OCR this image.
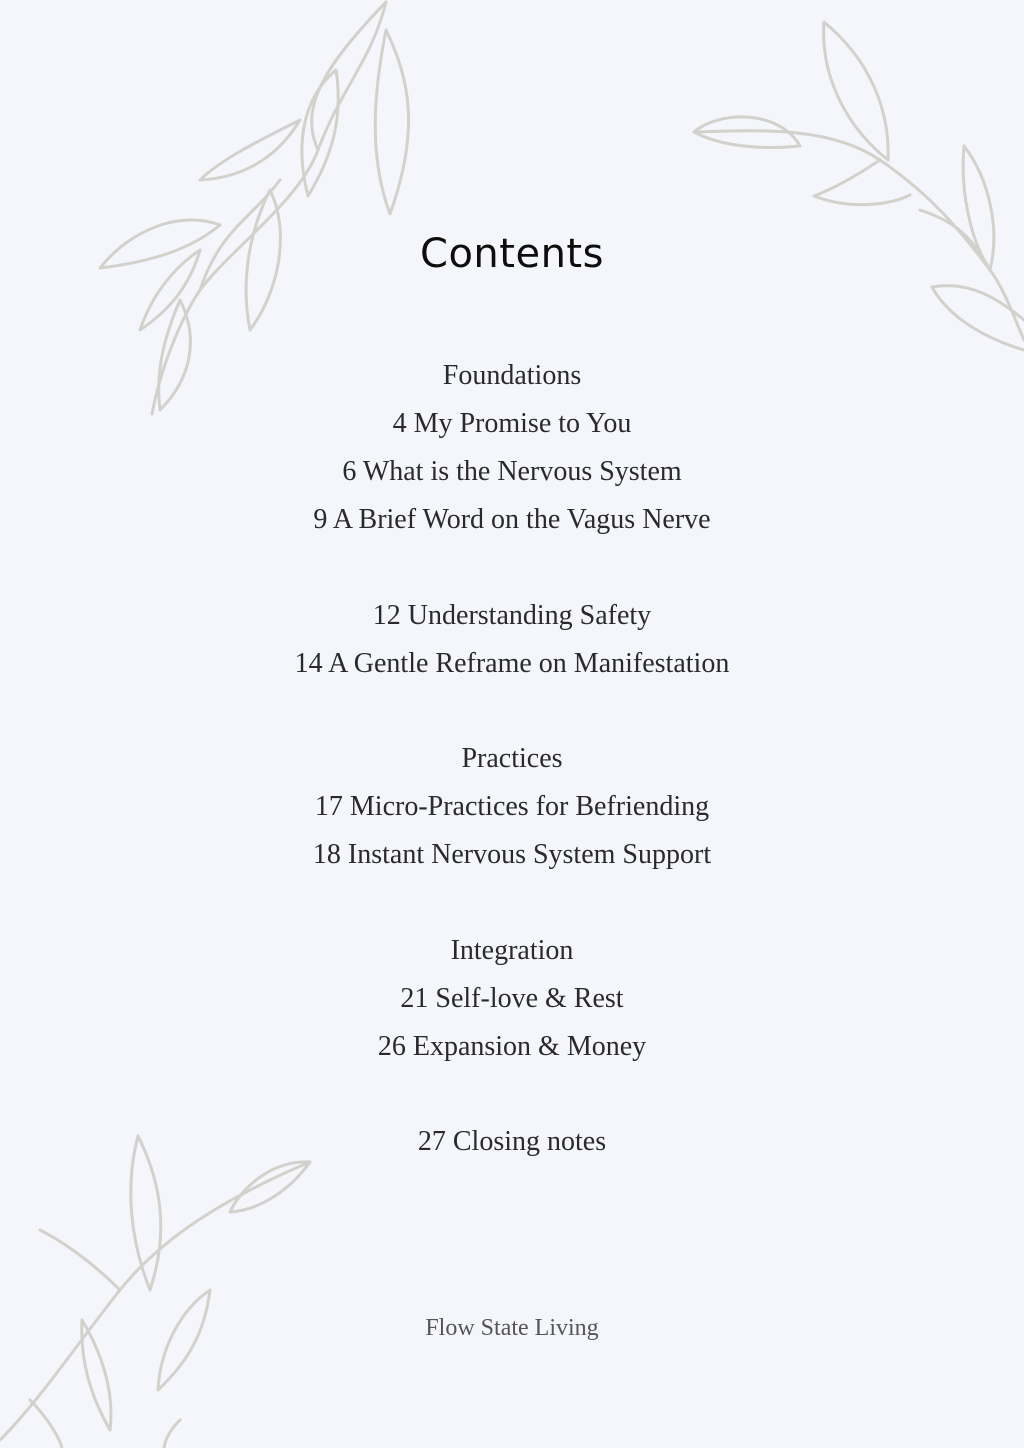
Contents
Foundations
4 My Promise to You
6 What is the Nervous System
9 A Brief Word on the Vagus Nerve
12 Understanding Safety
14 A Gentle Reframe on Manifestation
Practices
17 Micro-Practices for Befriending
18 Instant Nervous System Support
Integration
21 Self-love & Rest
26 Expansion & Money
27 Closing notes
Flow State Living
